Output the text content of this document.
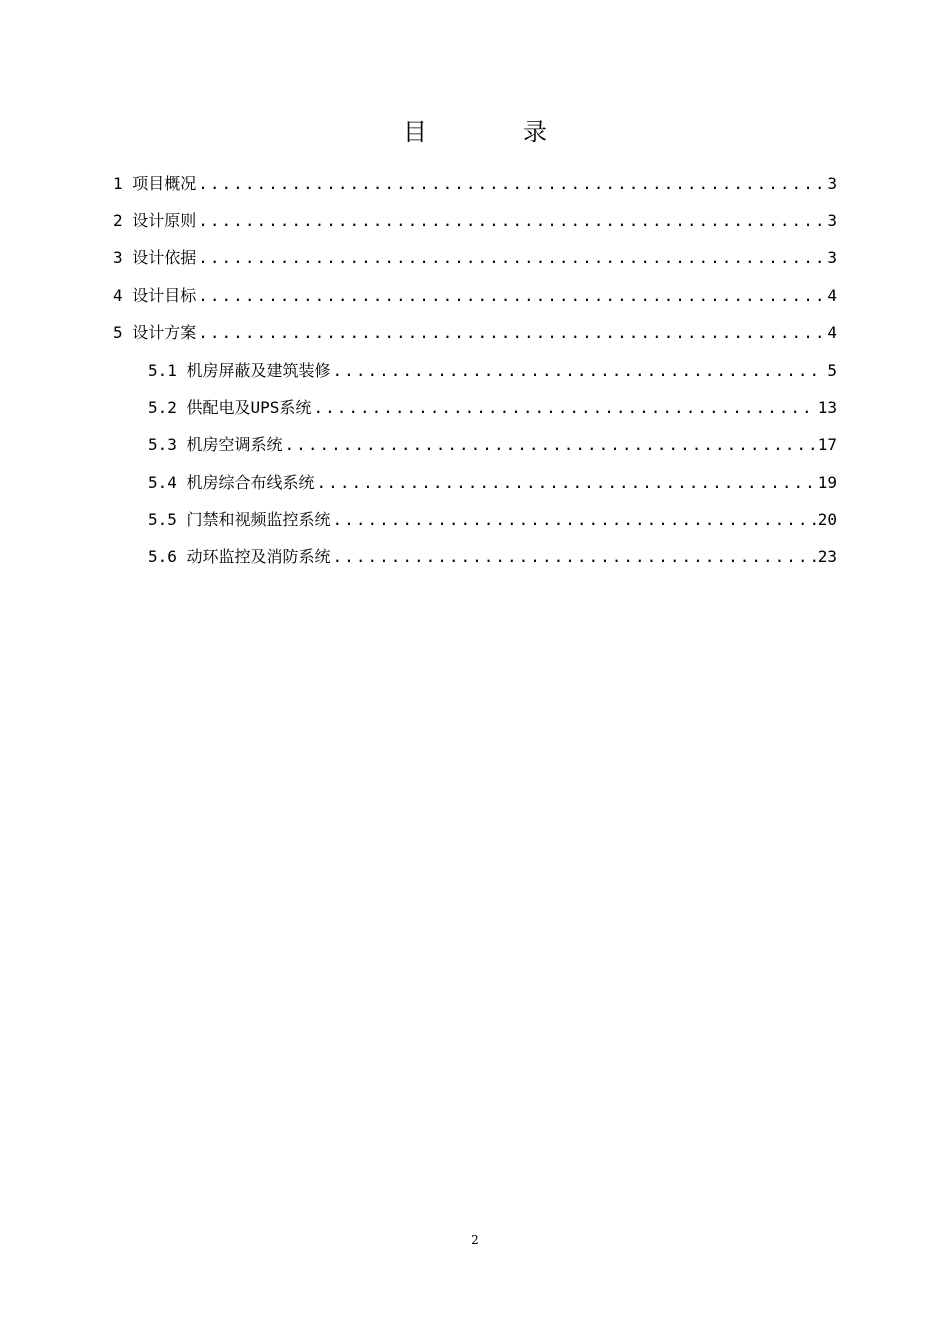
目　录
1 项目概况 .....	3
2 设计原则 .....	3
3 设计依据 .....	3
4 设计目标 .....	4
5 设计方案 .....	4
5.1 机房屏蔽及建筑装修 .....	5
5.2 供配电及UPS系统 .....	13
5.3 机房空调系统 .....	17
5.4 机房综合布线系统 .....	19
5.5 门禁和视频监控系统 .....	20
5.6 动环监控及消防系统 .....	23
2
